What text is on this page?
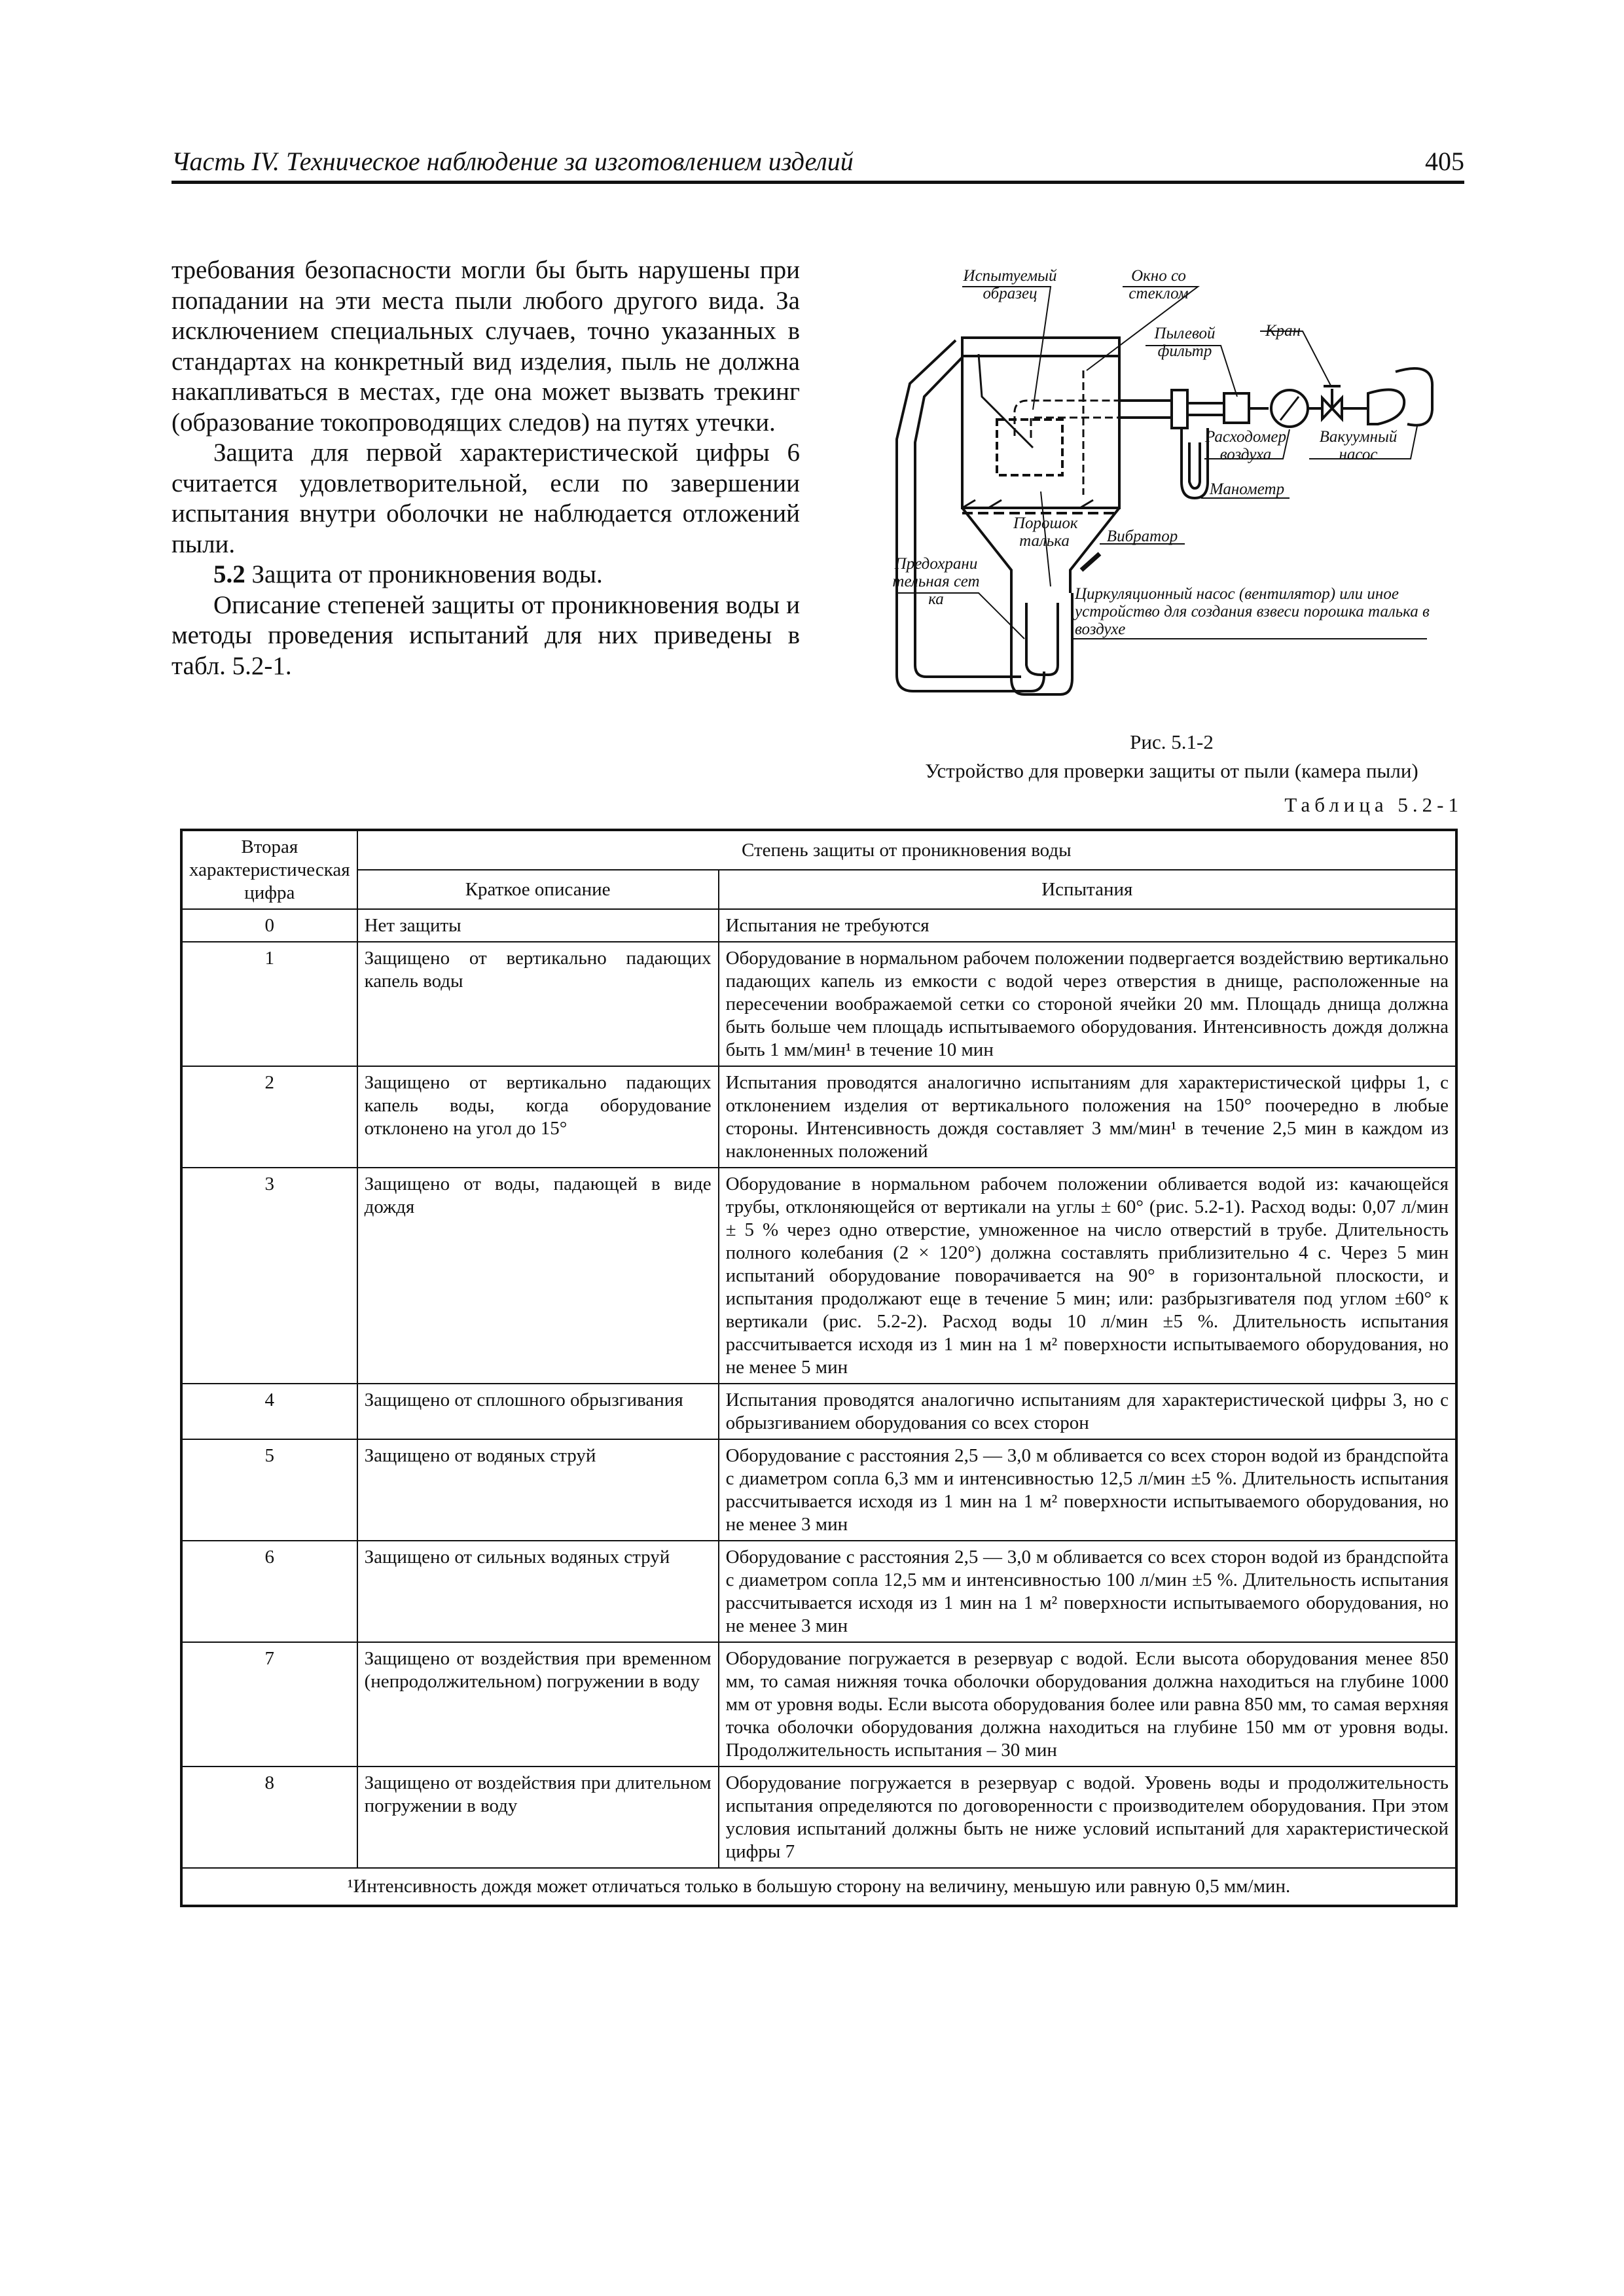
Часть IV. Техническое наблюдение за изготовлением изделий	405

требования безопасности могли бы быть нарушены при попадании на эти места пыли любого другого вида. За исключением специальных случаев, точно указанных в стандартах на конкретный вид изделия, пыль не должна накапливаться в местах, где она может вызвать трекинг (образование токопроводящих следов) на путях утечки.

Защита для первой характеристической цифры 6 считается удовлетворительной, если по завершении испытания внутри оболочки не наблюдается отложений пыли.

5.2 Защита от проникновения воды.

Описание степеней защиты от проникновения воды и методы проведения испытаний для них приведены в табл. 5.2-1.

Испытуемый образец
Окно со стеклом
Пылевой фильтр
Кран
Расходомер воздуха
Вакуумный насос
Манометр
Порошок талька	Вибратор
Предохранительная сетка	Циркуляционный насос (вентилятор) или иное устройство для создания взвеси порошка талька в воздухе
Рис. 5.1-2
Устройство для проверки защиты от пыли (камера пыли)
Таблица 5.2-1
Вторая характеристическая цифра	Степень защиты от проникновения воды	
	Краткое описание	Испытания
0	Нет защиты	Испытания не требуются
1	Защищено от вертикально падающих капель воды	Оборудование в нормальном рабочем положении подвергается воздействию вертикально падающих капель из емкости с водой через отверстия в днище, расположенные на пересечении воображаемой сетки со стороной ячейки 20 мм. Площадь днища должна быть больше чем площадь испытываемого оборудования. Интенсивность дождя должна быть 1 мм/мин¹ в течение 10 мин
2	Защищено от вертикально падающих капель воды, когда оборудование отклонено на угол до 15°	Испытания проводятся аналогично испытаниям для характеристической цифры 1, с отклонением изделия от вертикального положения на 150° поочередно в любые стороны. Интенсивность дождя составляет 3 мм/мин¹ в течение 2,5 мин в каждом из наклоненных положений
3	Защищено от воды, падающей в виде дождя	Оборудование в нормальном рабочем положении обливается водой из: качающейся трубы, отклоняющейся от вертикали на углы ± 60° (рис. 5.2-1). Расход воды: 0,07 л/мин ± 5 % через одно отверстие, умноженное на число отверстий в трубе. Длительность полного колебания (2 × 120°) должна составлять приблизительно 4 с. Через 5 мин испытаний оборудование поворачивается на 90° в горизонтальной плоскости, и испытания продолжают еще в течение 5 мин; или: разбрызгивателя под углом ±60° к вертикали (рис. 5.2-2). Расход воды 10 л/мин ±5 %. Длительность испытания рассчитывается исходя из 1 мин на 1 м² поверхности испытываемого оборудования, но не менее 5 мин
4	Защищено от сплошного обрызгивания	Испытания проводятся аналогично испытаниям для характеристической цифры 3, но с обрызгиванием оборудования со всех сторон
5	Защищено от водяных струй	Оборудование с расстояния 2,5 — 3,0 м обливается со всех сторон водой из брандспойта с диаметром сопла 6,3 мм и интенсивностью 12,5 л/мин ±5 %. Длительность испытания рассчитывается исходя из 1 мин на 1 м² поверхности испытываемого оборудования, но не менее 3 мин
6	Защищено от сильных водяных струй	Оборудование с расстояния 2,5 — 3,0 м обливается со всех сторон водой из брандспойта с диаметром сопла 12,5 мм и интенсивностью 100 л/мин ±5 %. Длительность испытания рассчитывается исходя из 1 мин на 1 м² поверхности испытываемого оборудования, но не менее 3 мин
7	Защищено от воздействия при временном (непродолжительном) погружении в воду	Оборудование погружается в резервуар с водой. Если высота оборудования менее 850 мм, то самая нижняя точка оболочки оборудования должна находиться на глубине 1000 мм от уровня воды. Если высота оборудования более или равна 850 мм, то самая верхняя точка оболочки оборудования должна находиться на глубине 150 мм от уровня воды. Продолжительность испытания – 30 мин
8	Защищено от воздействия при длительном погружении в воду	Оборудование погружается в резервуар с водой. Уровень воды и продолжительность испытания определяются по договоренности с производителем оборудования. При этом условия испытаний должны быть не ниже условий испытаний для характеристической цифры 7
¹Интенсивность дождя может отличаться только в большую сторону на величину, меньшую или равную 0,5 мм/мин.		
